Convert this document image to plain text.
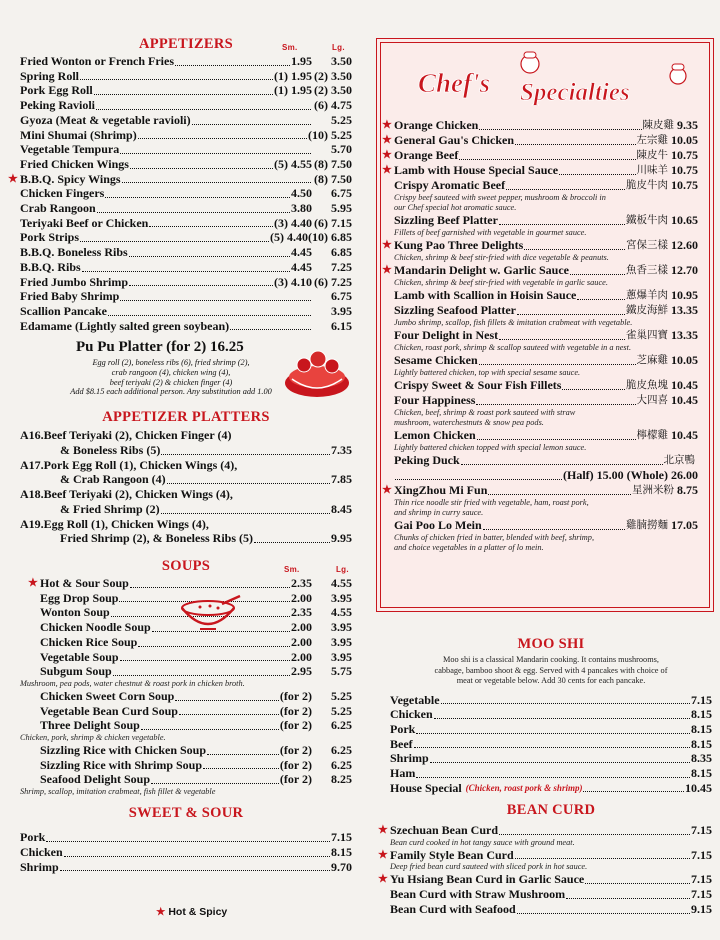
APPETIZERS	Sm.	Lg.
Fried Wonton or French Fries	1.95	3.50
Spring Roll	(1) 1.95 (2) 3.50
Pork Egg Roll	(1) 1.95 (2) 3.50
Peking Ravioli	(6) 4.75
Gyoza (Meat & vegetable ravioli)	5.25
Mini Shumai (Shrimp)	(10) 5.25
Vegetable Tempura	5.70
Fried Chicken Wings	(5) 4.55 (8) 7.50
★ B.B.Q. Spicy Wings	(8) 7.50
Chicken Fingers	4.50	6.75
Crab Rangoon	3.80	5.95
Teriyaki Beef or Chicken	(3) 4.40 (6) 7.15
Pork Strips	(5) 4.40 (10) 6.85
B.B.Q. Boneless Ribs	4.45	6.85
B.B.Q. Ribs	4.45	7.25
Fried Jumbo Shrimp	(3) 4.10 (6) 7.25
Fried Baby Shrimp	6.75
Scallion Pancake	3.95
Edamame (Lightly salted green soybean)	6.15
Pu Pu Platter (for 2) 16.25
Egg roll (2), boneless ribs (6), fried shrimp (2),
crab rangoon (4), chicken wing (4),
beef teriyaki (2) & chicken finger (4)
Add $8.15 each additional person. Any substitution add 1.00
APPETIZER PLATTERS
A16. Beef Teriyaki (2), Chicken Finger (4)
& Boneless Ribs (5)	7.35
A17. Pork Egg Roll (1), Chicken Wings (4),
& Crab Rangoon (4)	7.85
A18. Beef Teriyaki (2), Chicken Wings (4),
& Fried Shrimp (2)	8.45
A19. Egg Roll (1), Chicken Wings (4),
Fried Shrimp (2), & Boneless Ribs (5)	9.95
SOUPS	Sm.	Lg.
★ Hot & Sour Soup	2.35	4.55
Egg Drop Soup	2.00	3.95
Wonton Soup	2.35	4.55
Chicken Noodle Soup	2.00	3.95
Chicken Rice Soup	2.00	3.95
Vegetable Soup	2.00	3.95
Subgum Soup	2.95	5.75
Mushroom, pea pods, water chestnut & roast pork in chicken broth.
Chicken Sweet Corn Soup	(for 2)	5.25
Vegetable Bean Curd Soup	(for 2)	5.25
Three Delight Soup	(for 2)	6.25
Chicken, pork, shrimp & chicken vegetable.
Sizzling Rice with Chicken Soup	(for 2)	6.25
Sizzling Rice with Shrimp Soup	(for 2)	6.25
Seafood Delight Soup	(for 2)	8.25
Shrimp, scallop, imitation crabmeat, fish fillet & vegetable
SWEET & SOUR
Pork	7.15
Chicken	8.15
Shrimp	9.70
★ Hot & Spicy
Chef's Specialties
★ Orange Chicken	陳皮雞 9.35
★ General Gau's Chicken	左宗雞 10.05
★ Orange Beef	陳皮牛 10.75
★ Lamb with House Special Sauce	川味羊 10.75
Crispy Aromatic Beef	脆皮牛肉 10.75
Crispy beef sauteed with sweet pepper, mushroom & broccoli in
our Chef special hot aromatic sauce.
Sizzling Beef Platter	鐵板牛肉 10.65
Fillets of beef garnished with vegetable in gourmet sauce.
★ Kung Pao Three Delights	宮保三樣 12.60
Chicken, shrimp & beef stir-fried with dice vegetable & peanuts.
★ Mandarin Delight w. Garlic Sauce	魚香三樣 12.70
Chicken, shrimp & beef stir-fried with vegetable in garlic sauce.
Lamb with Scallion in Hoisin Sauce	蔥爆羊肉 10.95
Sizzling Seafood Platter	鐵皮海鮮 13.35
Jumbo shrimp, scallop, fish fillets & imitation crabmeat with vegetable.
Four Delight in Nest	雀巢四寶 13.35
Chicken, roast pork, shrimp & scallop sauteed with vegetable in a nest.
Sesame Chicken	芝麻雞 10.05
Lightly battered chicken, top with special sesame sauce.
Crispy Sweet & Sour Fish Fillets	脆皮魚塊 10.45
Four Happiness	大四喜 10.45
Chicken, beef, shrimp & roast pork sauteed with straw
mushroom, waterchestnuts & snow pea pods.
Lemon Chicken	檸檬雞 10.45
Lightly battered chicken topped with special lemon sauce.
Peking Duck	北京鴨
(Half) 15.00 (Whole) 26.00
★ XingZhou Mi Fun	星洲米粉 8.75
Thin rice noodle stir fried with vegetable, ham, roast pork,
and shrimp in curry sauce.
Gai Poo Lo Mein	雞腩撈麵 17.05
Chunks of chicken fried in batter, blended with beef, shrimp,
and choice vegetables in a platter of lo mein.
MOO SHI
Moo shi is a classical Mandarin cooking. It contains mushrooms,
cabbage, bamboo shoot & egg. Served with 4 pancakes with choice of
meat or vegetable below. Add 30 cents for each pancake.
Vegetable	7.15
Chicken	8.15
Pork	8.15
Beef	8.15
Shrimp	8.35
Ham	8.15
House Special (Chicken, roast pork & shrimp)	10.45
BEAN CURD
★ Szechuan Bean Curd	7.15
Bean curd cooked in hot tangy sauce with ground meat.
★ Family Style Bean Curd	7.15
Deep fried bean curd sauteed with sliced pork in hot sauce.
★ Yu Hsiang Bean Curd in Garlic Sauce	7.15
Bean Curd with Straw Mushroom	7.15
Bean Curd with Seafood	9.15
